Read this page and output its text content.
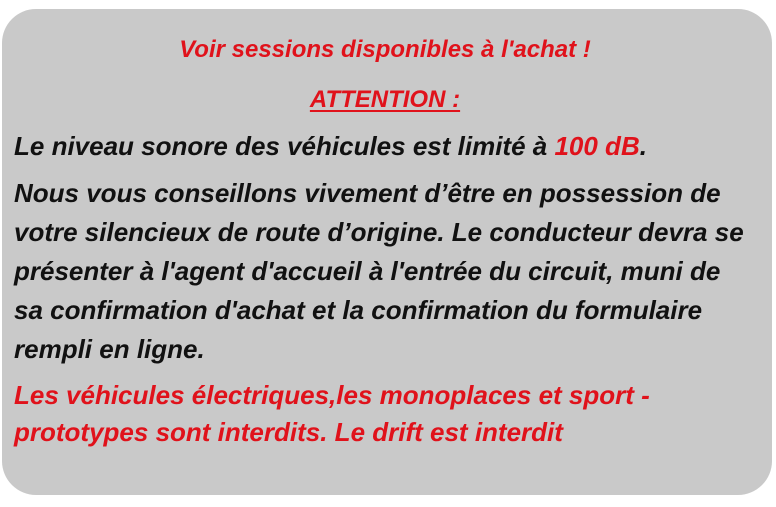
Voir sessions disponibles à l'achat !
ATTENTION :

Le niveau sonore des véhicules est limité à 100 dB.

Nous vous conseillons vivement d’être en possession de votre silencieux de route d’origine. Le conducteur devra se présenter à l'agent d'accueil à l'entrée du circuit, muni de sa confirmation d'achat et la confirmation du formulaire rempli en ligne.

Les véhicules électriques,les monoplaces et sport - prototypes sont interdits. Le drift est interdit
